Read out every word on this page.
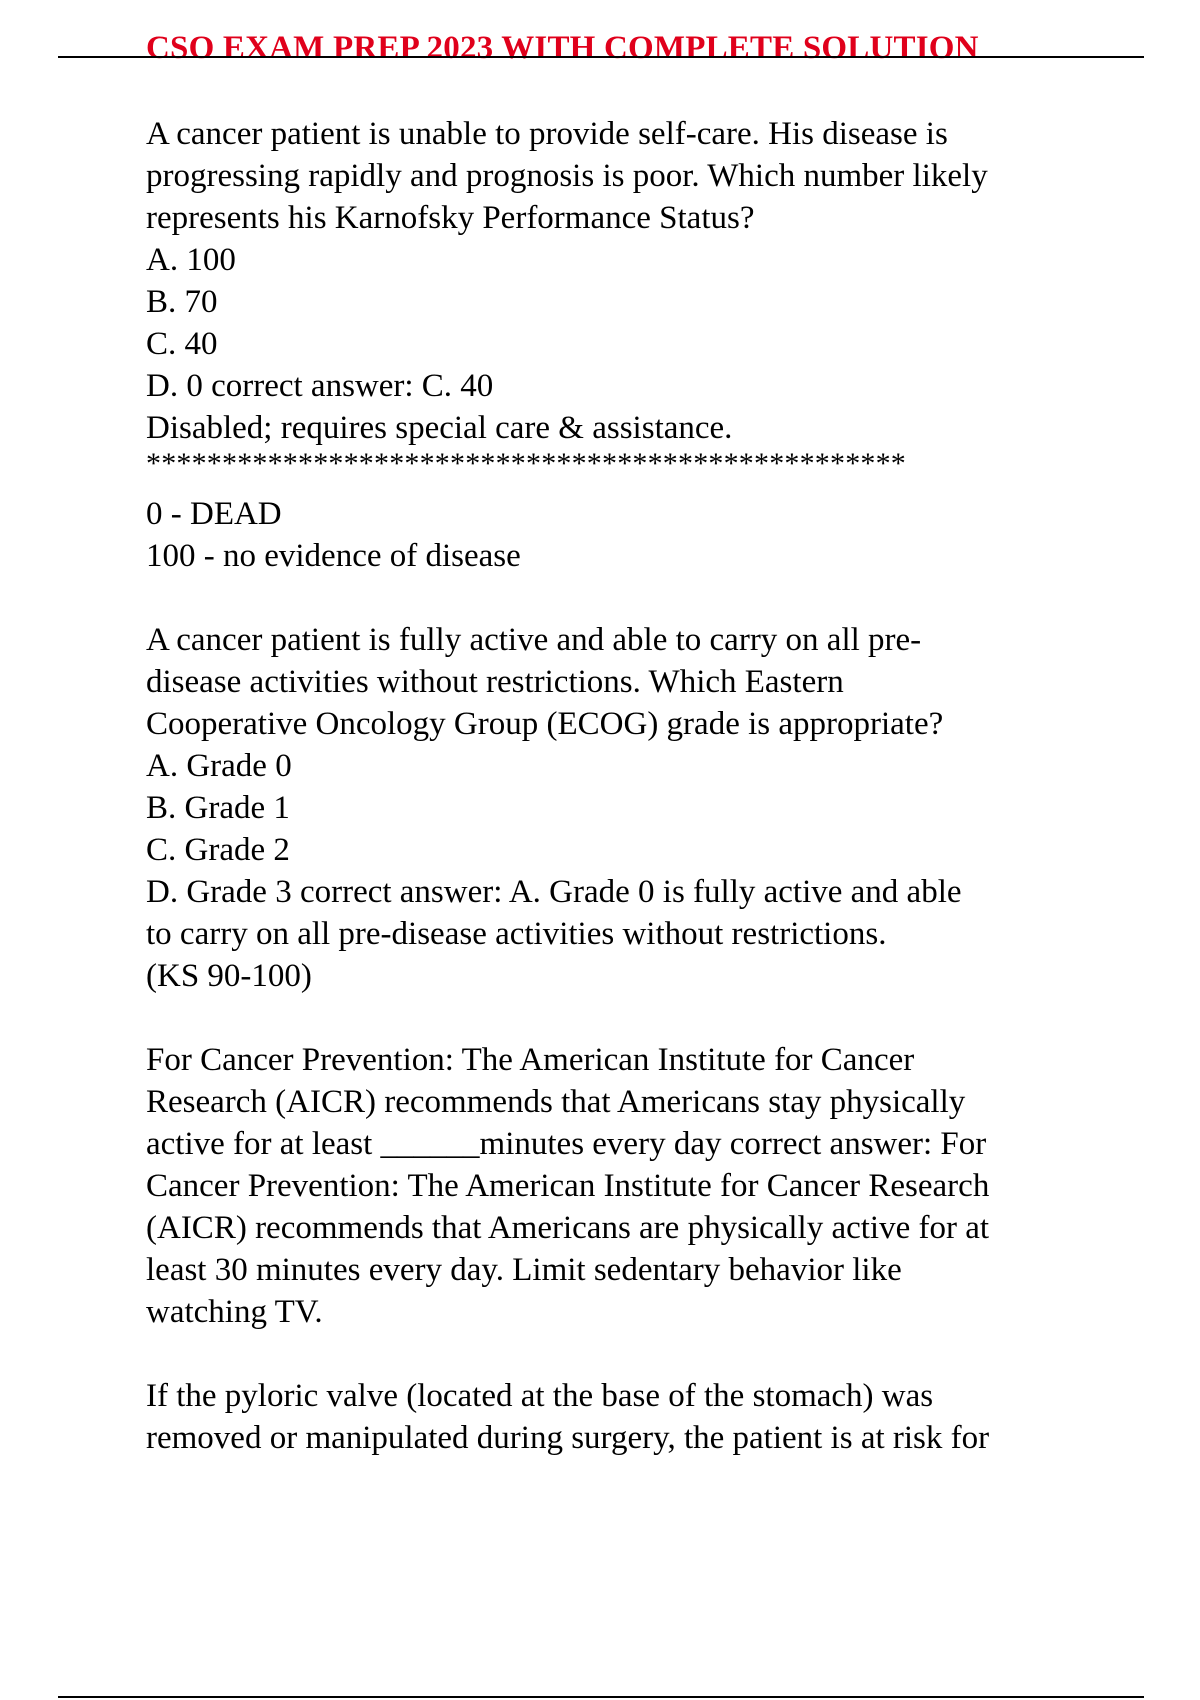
CSO EXAM PREP 2023 WITH COMPLETE SOLUTION
A cancer patient is unable to provide self-care. His disease is
progressing rapidly and prognosis is poor. Which number likely
represents his Karnofsky Performance Status?
A. 100
B. 70
C. 40
D. 0 correct answer: C. 40
Disabled; requires special care & assistance.
**************************************************
0 - DEAD
100 - no evidence of disease
A cancer patient is fully active and able to carry on all pre-
disease activities without restrictions. Which Eastern
Cooperative Oncology Group (ECOG) grade is appropriate?
A. Grade 0
B. Grade 1
C. Grade 2
D. Grade 3 correct answer: A. Grade 0 is fully active and able
to carry on all pre-disease activities without restrictions.
(KS 90-100)
For Cancer Prevention: The American Institute for Cancer
Research (AICR) recommends that Americans stay physically
active for at least ______minutes every day correct answer: For
Cancer Prevention: The American Institute for Cancer Research
(AICR) recommends that Americans are physically active for at
least 30 minutes every day. Limit sedentary behavior like
watching TV.
If the pyloric valve (located at the base of the stomach) was
removed or manipulated during surgery, the patient is at risk for
